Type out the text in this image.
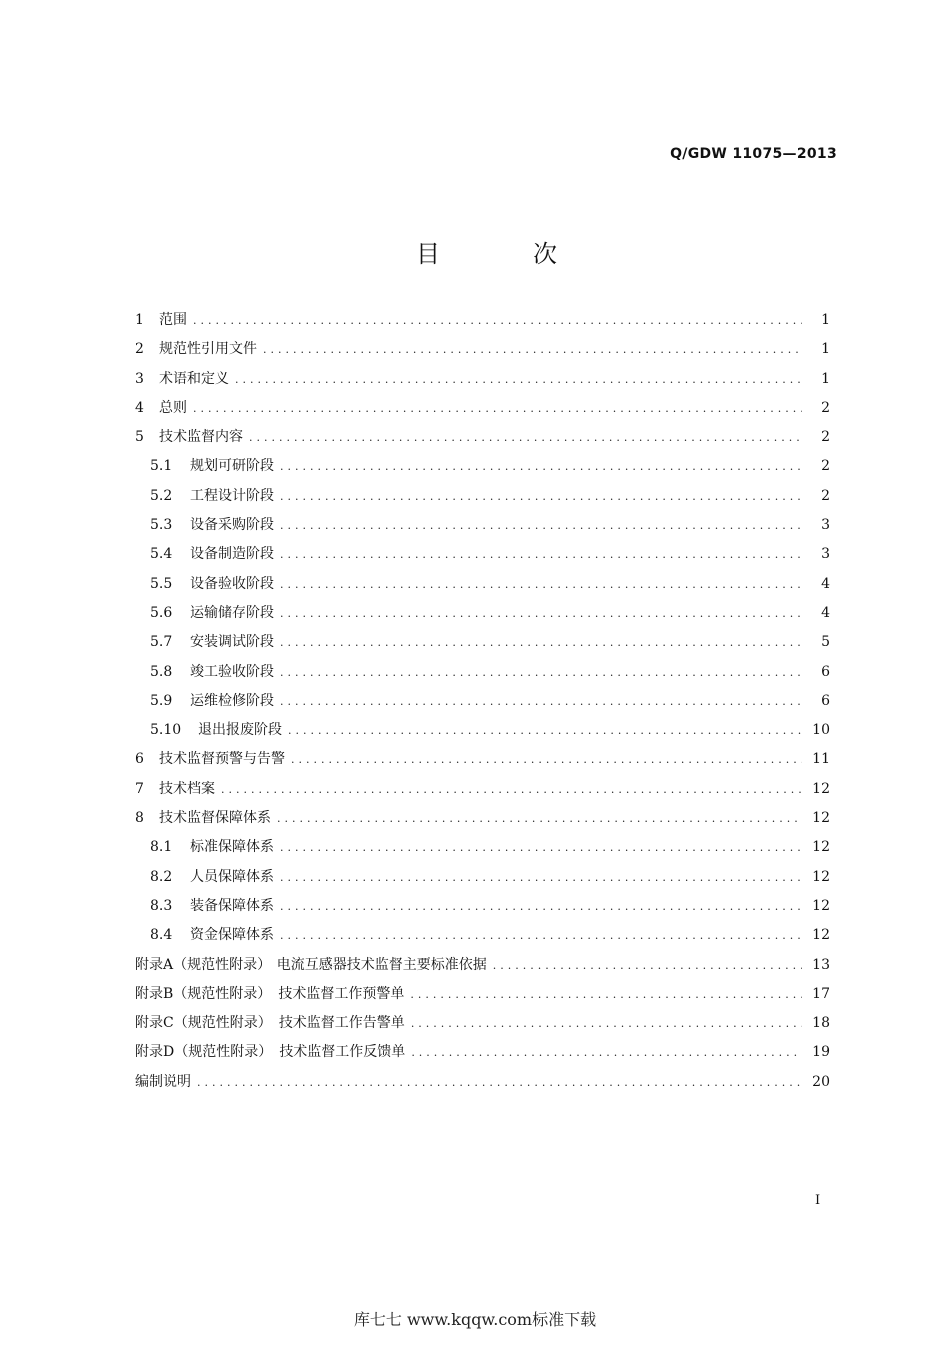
Q/GDW 11075—2013
目	次
1	范围 .....	1
2	规范性引用文件 .....	1
3	术语和定义 .....	1
4	总则 .....	2
5	技术监督内容 .....	2
5.1	规划可研阶段 .....	2
5.2	工程设计阶段 .....	2
5.3	设备采购阶段 .....	3
5.4	设备制造阶段 .....	3
5.5	设备验收阶段 .....	4
5.6	运输储存阶段 .....	4
5.7	安装调试阶段 .....	5
5.8	竣工验收阶段 .....	6
5.9	运维检修阶段 .....	6
5.10	退出报废阶段 .....	10
6	技术监督预警与告警 .....	11
7	技术档案 .....	12
8	技术监督保障体系 .....	12
8.1	标准保障体系 .....	12
8.2	人员保障体系 .....	12
8.3	装备保障体系 .....	12
8.4	资金保障体系 .....	12
附录A（规范性附录） 电流互感器技术监督主要标准依据 .....	13
附录B（规范性附录） 技术监督工作预警单 .....	17
附录C（规范性附录） 技术监督工作告警单 .....	18
附录D（规范性附录） 技术监督工作反馈单 .....	19
编制说明 .....	20
I
库七七 www.kqqw.com标准下载
